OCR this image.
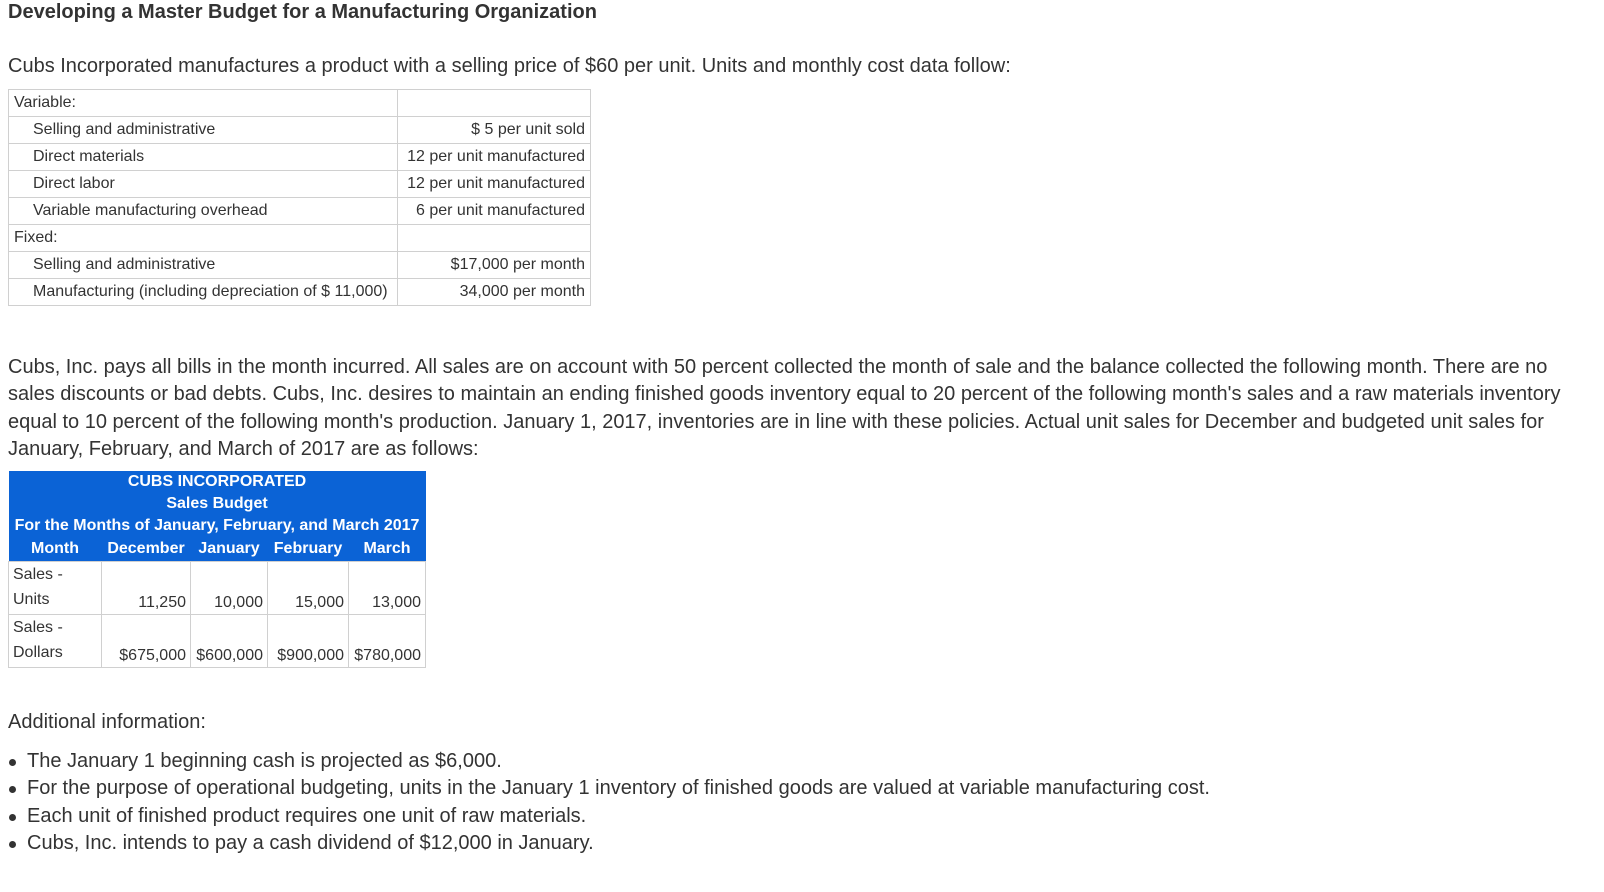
Developing a Master Budget for a Manufacturing Organization

Cubs Incorporated manufactures a product with a selling price of $60 per unit. Units and monthly cost data follow:

Variable:	
Selling and administrative	$ 5 per unit sold
Direct materials	12 per unit manufactured
Direct labor	12 per unit manufactured
Variable manufacturing overhead	6 per unit manufactured
Fixed:	
Selling and administrative	$17,000 per month
Manufacturing (including depreciation of $ 11,000)	34,000 per month

Cubs, Inc. pays all bills in the month incurred. All sales are on account with 50 percent collected the month of sale and the balance collected the following month. There are no sales discounts or bad debts. Cubs, Inc. desires to maintain an ending finished goods inventory equal to 20 percent of the following month's sales and a raw materials inventory equal to 10 percent of the following month's production. January 1, 2017, inventories are in line with these policies. Actual unit sales for December and budgeted unit sales for January, February, and March of 2017 are as follows:

CUBS INCORPORATED				
Sales Budget				
For the Months of January, February, and March 2017				
Month	December	January	February	March
Sales -
Units	11,250	10,000	15,000	13,000
Sales -
Dollars	$675,000	$600,000	$900,000	$780,000

Additional information:

The January 1 beginning cash is projected as $6,000.
For the purpose of operational budgeting, units in the January 1 inventory of finished goods are valued at variable manufacturing cost.
Each unit of finished product requires one unit of raw materials.
Cubs, Inc. intends to pay a cash dividend of $12,000 in January.
